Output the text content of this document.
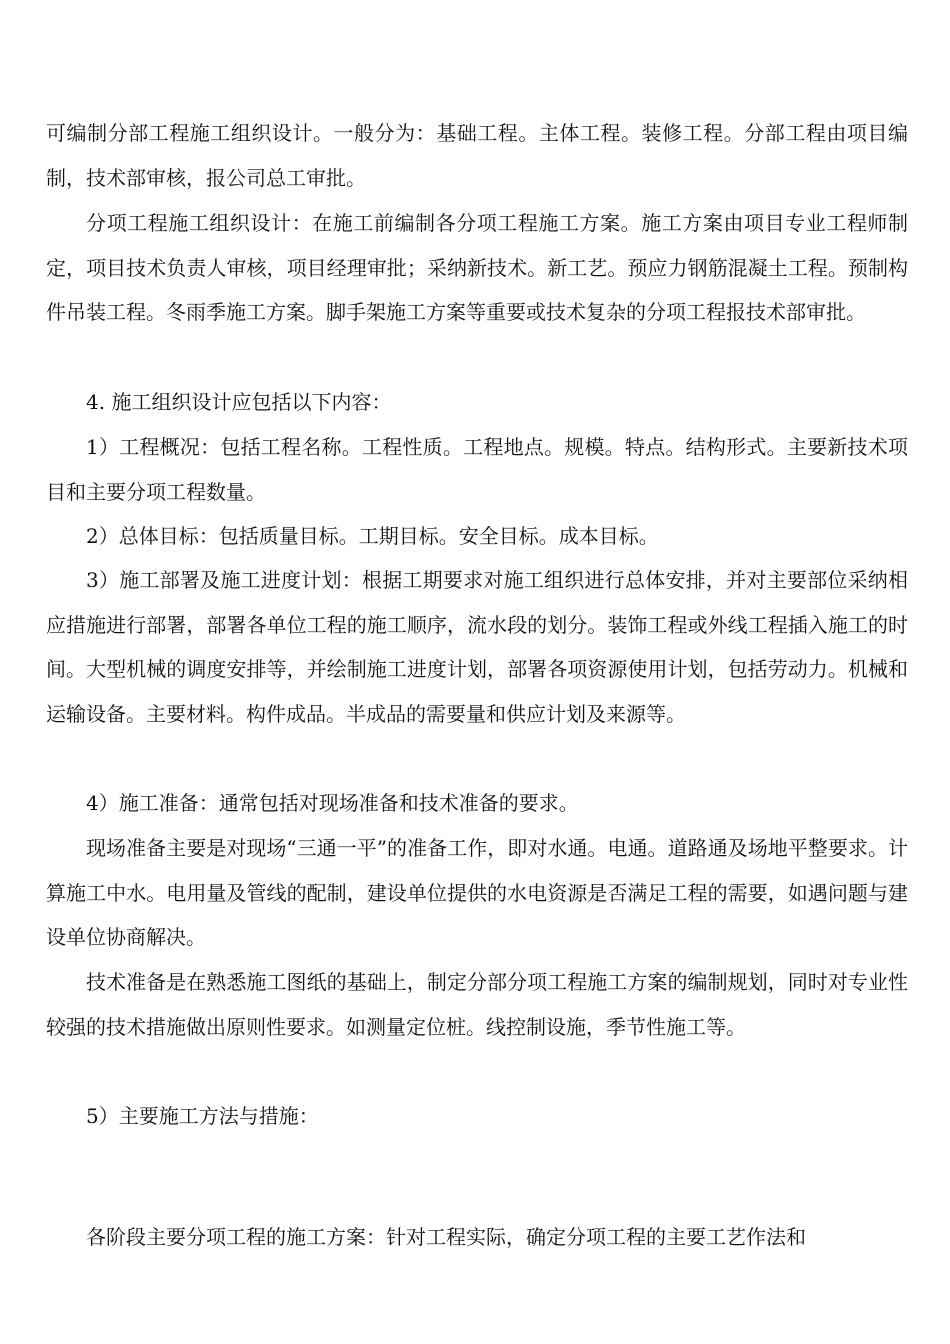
可编制分部工程施工组织设计。一般分为：基础工程。主体工程。装修工程。分部工程由项目编制，技术部审核，报公司总工审批。

分项工程施工组织设计：在施工前编制各分项工程施工方案。施工方案由项目专业工程师制定，项目技术负责人审核，项目经理审批；采纳新技术。新工艺。预应力钢筋混凝土工程。预制构件吊装工程。冬雨季施工方案。脚手架施工方案等重要或技术复杂的分项工程报技术部审批。

4. 施工组织设计应包括以下内容：

1）工程概况：包括工程名称。工程性质。工程地点。规模。特点。结构形式。主要新技术项目和主要分项工程数量。

2）总体目标：包括质量目标。工期目标。安全目标。成本目标。

3）施工部署及施工进度计划：根据工期要求对施工组织进行总体安排，并对主要部位采纳相应措施进行部署，部署各单位工程的施工顺序，流水段的划分。装饰工程或外线工程插入施工的时间。大型机械的调度安排等，并绘制施工进度计划，部署各项资源使用计划，包括劳动力。机械和运输设备。主要材料。构件成品。半成品的需要量和供应计划及来源等。

4）施工准备：通常包括对现场准备和技术准备的要求。

现场准备主要是对现场“三通一平”的准备工作，即对水通。电通。道路通及场地平整要求。计算施工中水。电用量及管线的配制，建设单位提供的水电资源是否满足工程的需要，如遇问题与建设单位协商解决。

技术准备是在熟悉施工图纸的基础上，制定分部分项工程施工方案的编制规划，同时对专业性较强的技术措施做出原则性要求。如测量定位桩。线控制设施，季节性施工等。

5）主要施工方法与措施：

各阶段主要分项工程的施工方案：针对工程实际，确定分项工程的主要工艺作法和
